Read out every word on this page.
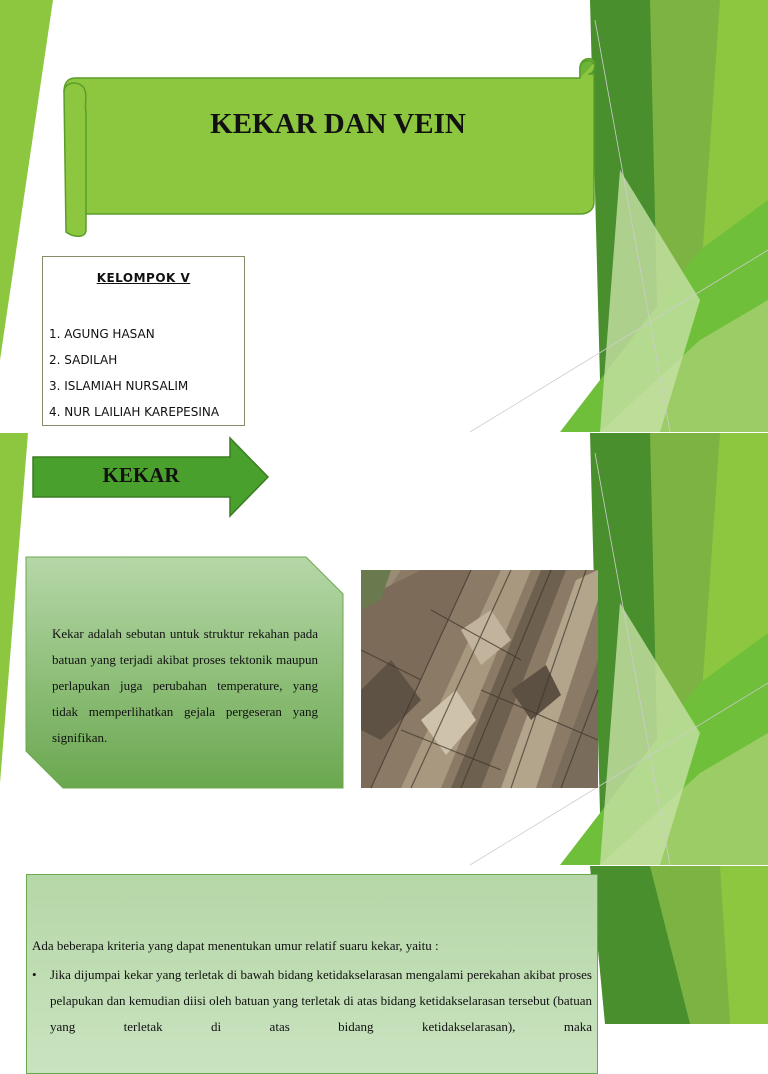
KEKAR DAN VEIN
KELOMPOK V
1. AGUNG HASAN
2. SADILAH
3. ISLAMIAH NURSALIM
4. NUR LAILIAH KAREPESINA
KEKAR
Kekar adalah sebutan untuk struktur rekahan pada batuan yang terjadi akibat proses tektonik maupun perlapukan juga perubahan temperature, yang tidak memperlihatkan gejala pergeseran yang signifikan.
Ada beberapa kriteria yang dapat menentukan umur relatif suaru kekar, yaitu :
• Jika dijumpai kekar yang terletak di bawah bidang ketidakselarasan mengalami perekahan akibat proses pelapukan dan kemudian diisi oleh batuan yang terletak di atas bidang ketidakselarasan tersebut (batuan yang terletak di atas bidang ketidakselarasan), maka
